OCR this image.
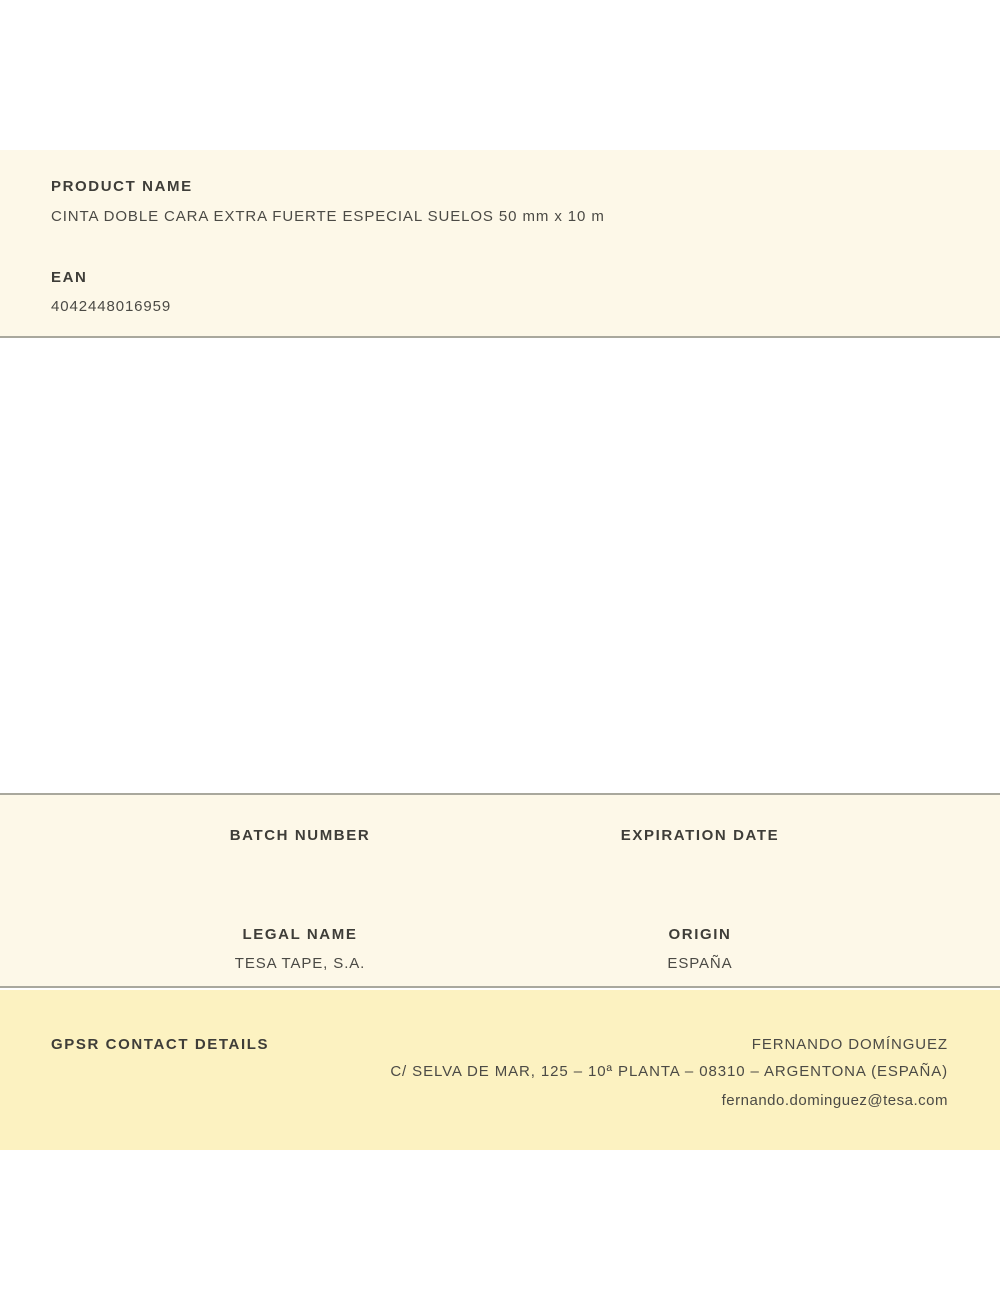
PRODUCT NAME
CINTA DOBLE CARA EXTRA FUERTE ESPECIAL SUELOS 50 mm x 10 m
EAN
4042448016959
BATCH NUMBER	EXPIRATION DATE
LEGAL NAME
TESA TAPE, S.A.
ORIGIN
ESPAÑA
GPSR CONTACT DETAILS	FERNANDO DOMÍNGUEZ
C/ SELVA DE MAR, 125 – 10ª PLANTA – 08310 – ARGENTONA (ESPAÑA)
fernando.dominguez@tesa.com
